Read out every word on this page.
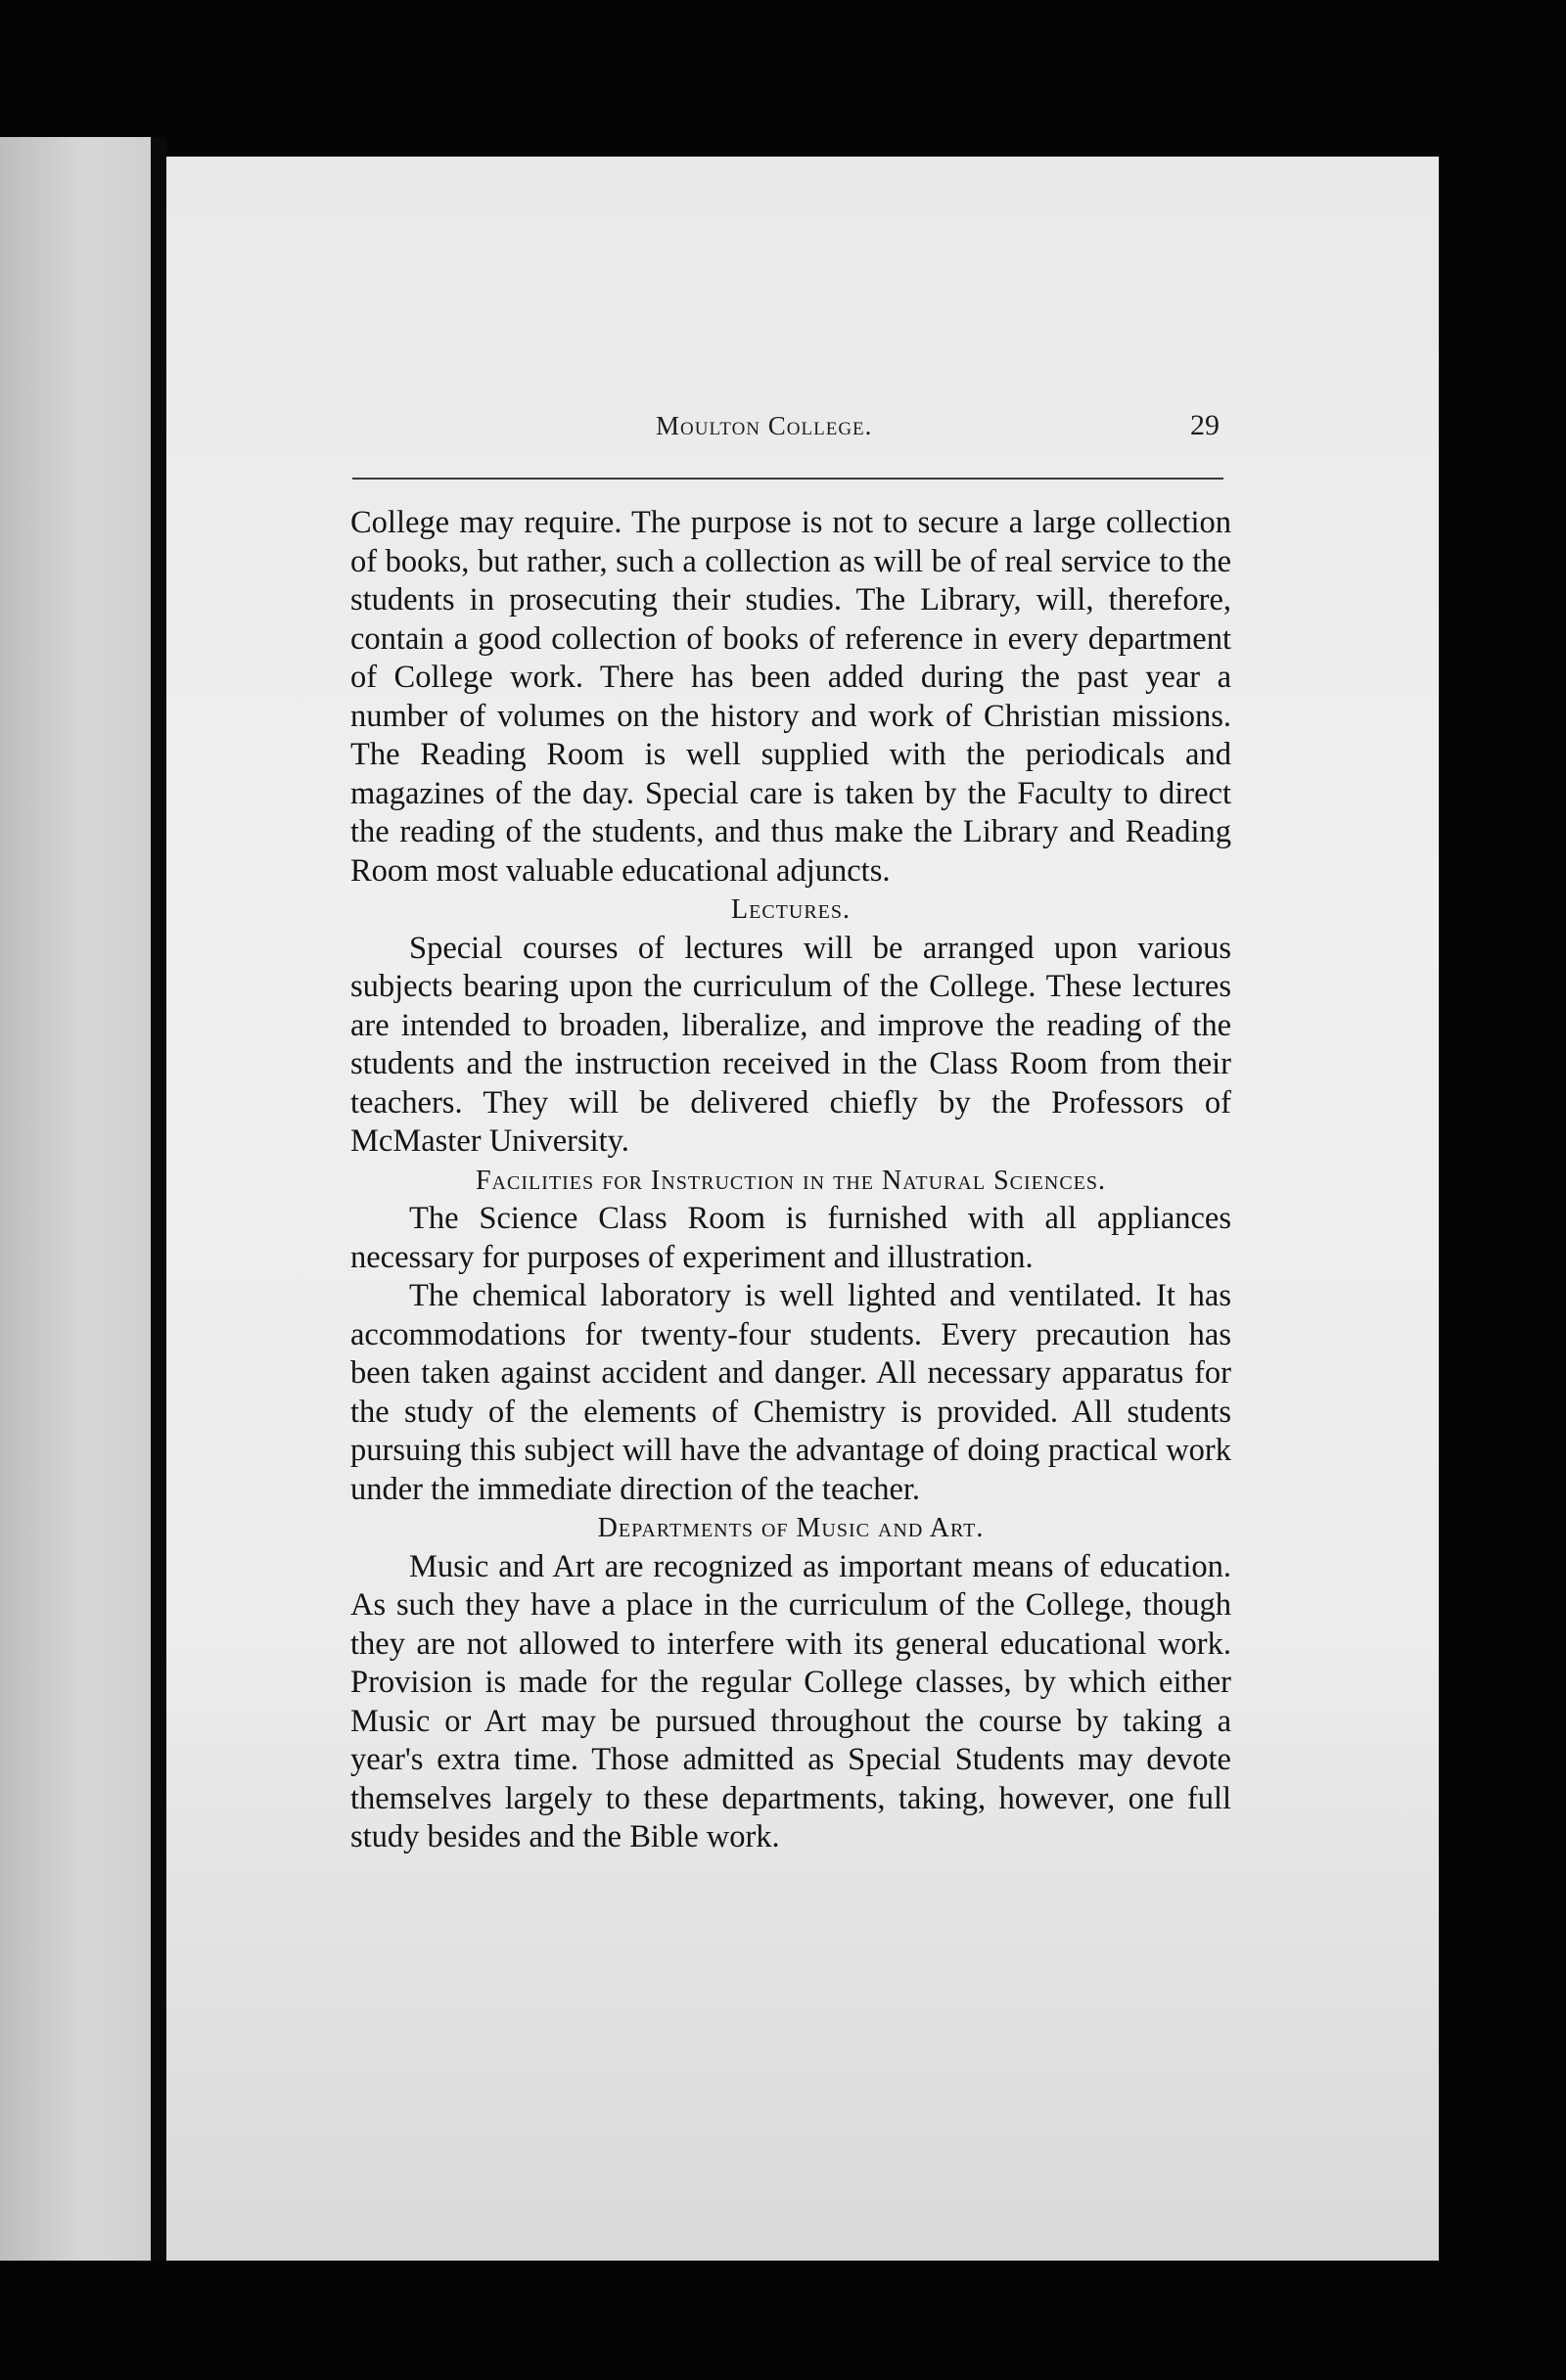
Moulton College.	29

College may require. The purpose is not to secure a large collection of books, but rather, such a collection as will be of real service to the students in prosecuting their studies. The Library, will, therefore, contain a good collection of books of reference in every department of College work. There has been added during the past year a number of volumes on the history and work of Christian missions. The Reading Room is well supplied with the periodicals and magazines of the day. Special care is taken by the Faculty to direct the reading of the students, and thus make the Library and Reading Room most valuable educational adjuncts.

Lectures.

Special courses of lectures will be arranged upon various subjects bearing upon the curriculum of the College. These lectures are intended to broaden, liberalize, and improve the reading of the students and the instruction received in the Class Room from their teachers. They will be delivered chiefly by the Professors of McMaster University.

Facilities for Instruction in the Natural Sciences.

The Science Class Room is furnished with all appliances necessary for purposes of experiment and illustration.

The chemical laboratory is well lighted and ventilated. It has accommodations for twenty-four students. Every precaution has been taken against accident and danger. All necessary apparatus for the study of the elements of Chemistry is provided. All students pursuing this subject will have the advantage of doing practical work under the immediate direction of the teacher.

Departments of Music and Art.

Music and Art are recognized as important means of education. As such they have a place in the curriculum of the College, though they are not allowed to interfere with its general educational work. Provision is made for the regular College classes, by which either Music or Art may be pursued throughout the course by taking a year's extra time. Those admitted as Special Students may devote themselves largely to these departments, taking, however, one full study besides and the Bible work.
